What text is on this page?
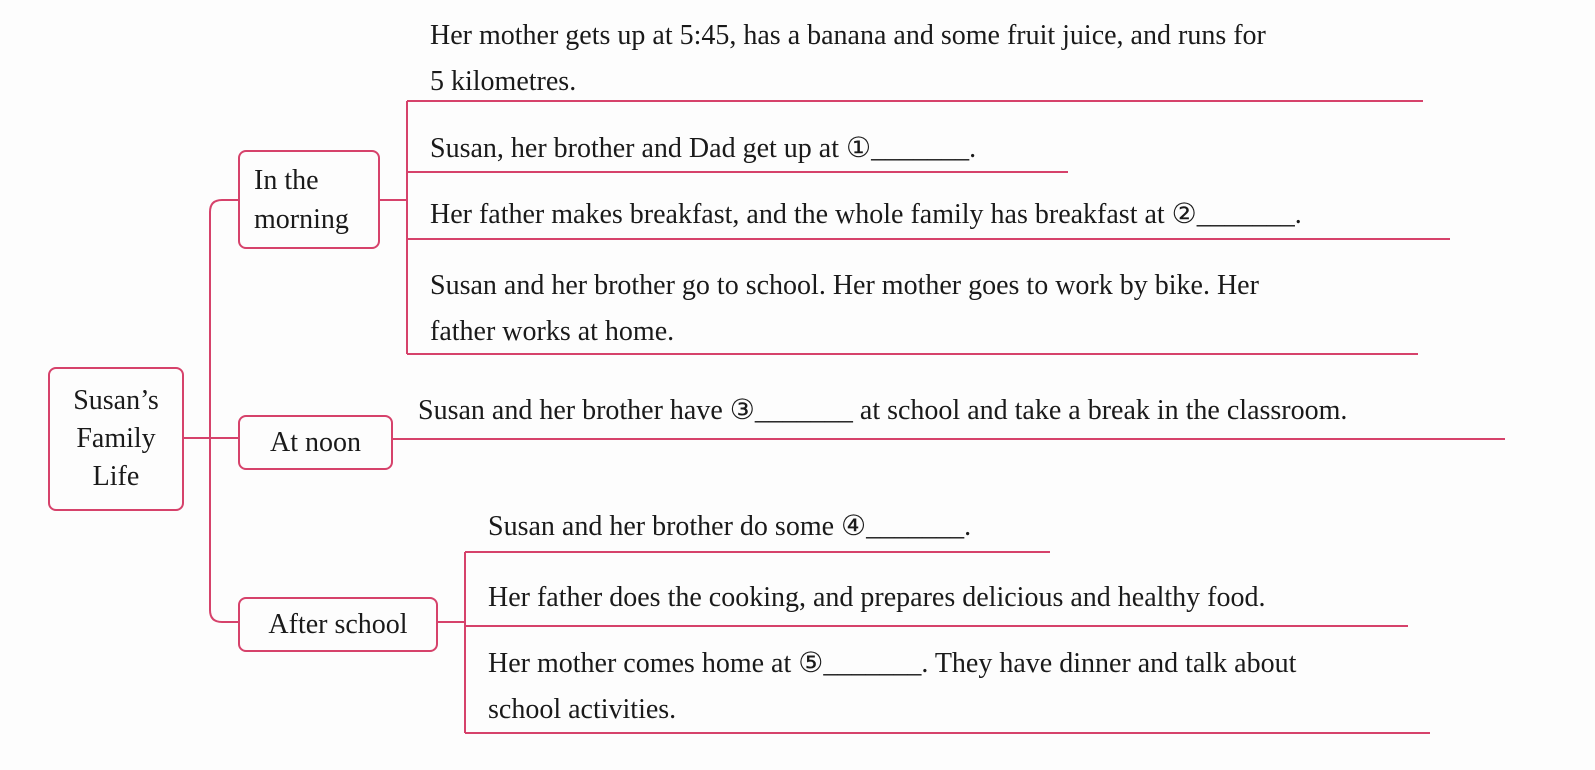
Susan’s
Family
Life
In the
morning
At noon
After school
Her mother gets up at 5:45, has a banana and some fruit juice, and runs for
5 kilometres.
Susan, her brother and Dad get up at ①_______.
Her father makes breakfast, and the whole family has breakfast at ②_______.
Susan and her brother go to school. Her mother goes to work by bike. Her
father works at home.
Susan and her brother have ③_______ at school and take a break in the classroom.
Susan and her brother do some ④_______.
Her father does the cooking, and prepares delicious and healthy food.
Her mother comes home at ⑤_______. They have dinner and talk about
school activities.
